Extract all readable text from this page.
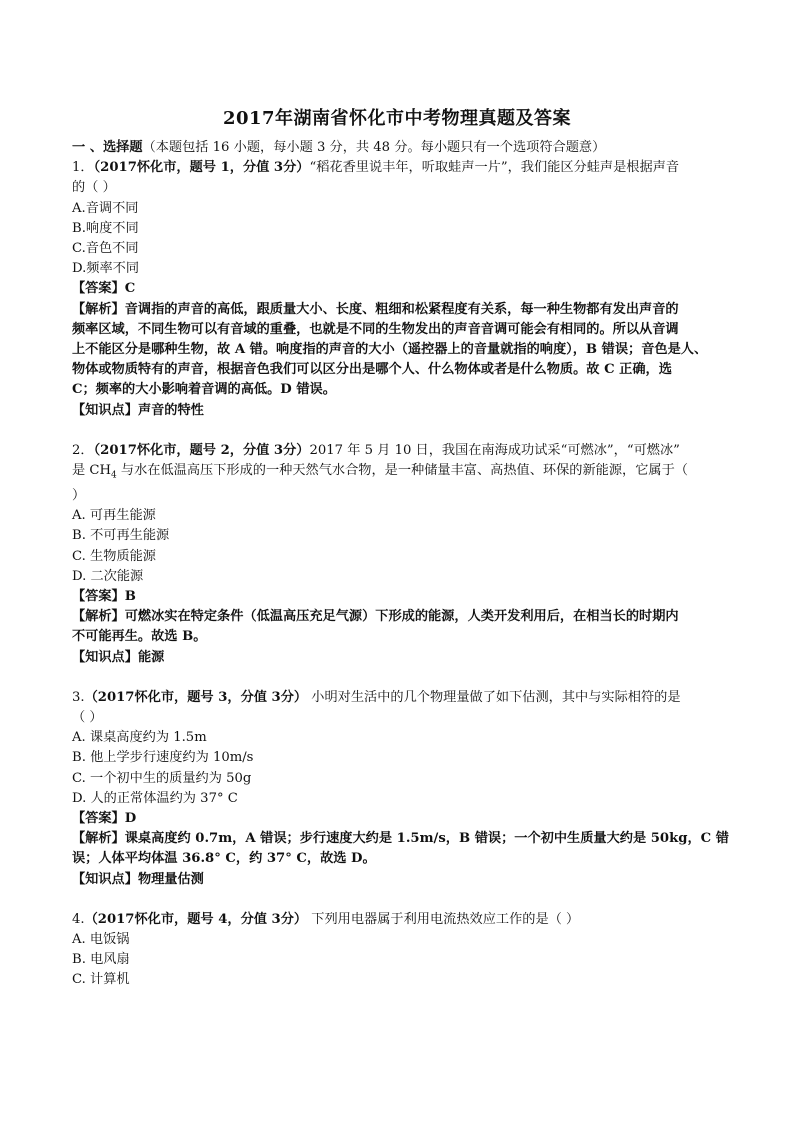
2017年湖南省怀化市中考物理真题及答案
一 、选择题（本题包括 16 小题，每小题 3 分，共 48 分。每小题只有一个选项符合题意）
1．（2017怀化市，题号 1，分值 3分）“稻花香里说丰年，听取蛙声一片”，我们能区分蛙声是根据声音
的（ ）
A.音调不同
B.响度不同
C.音色不同
D.频率不同
【答案】C
【解析】音调指的声音的高低，跟质量大小、长度、粗细和松紧程度有关系，每一种生物都有发出声音的
频率区域，不同生物可以有音域的重叠，也就是不同的生物发出的声音音调可能会有相同的。所以从音调
上不能区分是哪种生物，故 A 错。响度指的声音的大小（遥控器上的音量就指的响度），B 错误；音色是人、
物体或物质特有的声音，根据音色我们可以区分出是哪个人、什么物体或者是什么物质。故 C 正确，选
C；频率的大小影响着音调的高低。D 错误。
【知识点】声音的特性
2．（2017怀化市，题号 2，分值 3分）2017 年 5 月 10 日，我国在南海成功试采“可燃冰”，“可燃冰”
是 $CH_4$ 与水在低温高压下形成的一种天然气水合物，是一种储量丰富、高热值、环保的新能源，它属于（
）
A. 可再生能源
B. 不可再生能源
C. 生物质能源
D. 二次能源
【答案】B
【解析】可燃冰实在特定条件（低温高压充足气源）下形成的能源，人类开发利用后，在相当长的时期内
不可能再生。故选 B。
【知识点】能源
3.（2017怀化市，题号 3，分值 3分） 小明对生活中的几个物理量做了如下估测，其中与实际相符的是
（ ）
A. 课桌高度约为 1.5m
B. 他上学步行速度约为 10m/s
C. 一个初中生的质量约为 50g
D. 人的正常体温约为 37° C
【答案】D
【解析】课桌高度约 0.7m，A 错误；步行速度大约是 1.5m/s，B 错误；一个初中生质量大约是 50kg，C 错
误；人体平均体温 36.8° C，约 37° C，故选 D。
【知识点】物理量估测
4.（2017怀化市，题号 4，分值 3分） 下列用电器属于利用电流热效应工作的是（ ）
A. 电饭锅
B. 电风扇
C. 计算机
